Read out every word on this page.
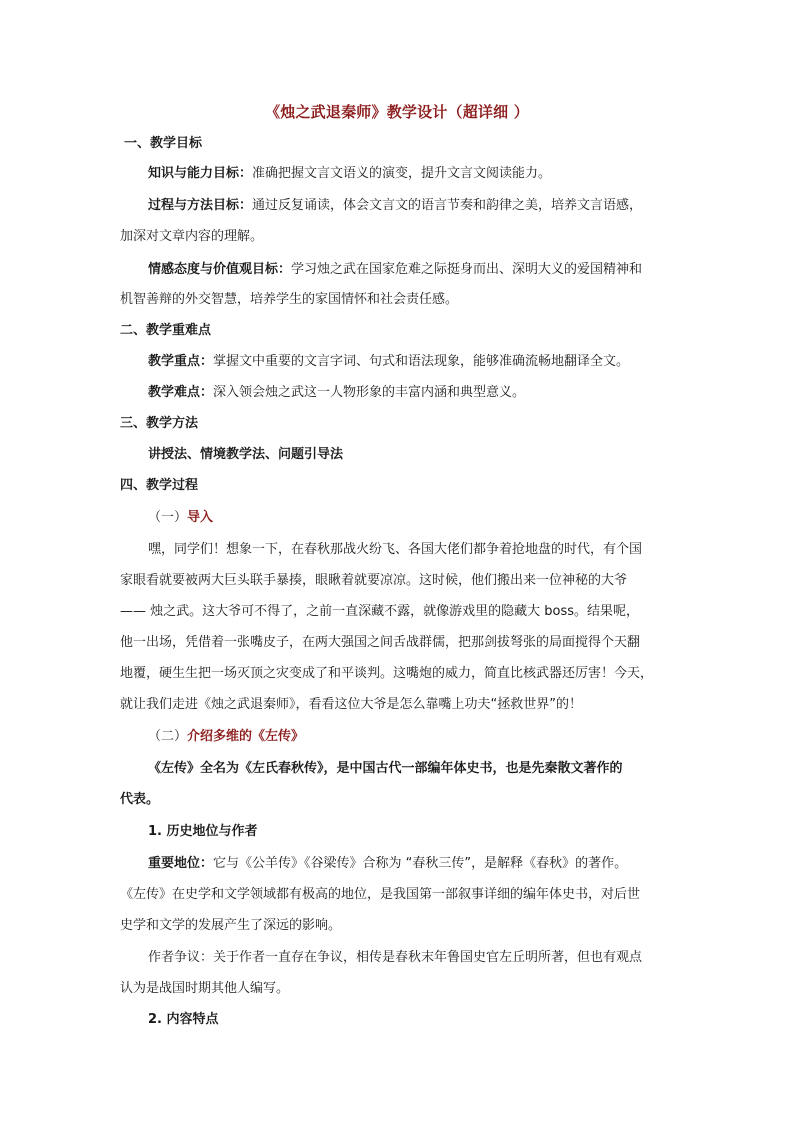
《烛之武退秦师》教学设计（超详细 ）
一、教学目标
知识与能力目标：准确把握文言文语义的演变，提升文言文阅读能力。
过程与方法目标：通过反复诵读，体会文言文的语言节奏和韵律之美，培养文言语感，
加深对文章内容的理解。
情感态度与价值观目标：学习烛之武在国家危难之际挺身而出、深明大义的爱国精神和
机智善辩的外交智慧，培养学生的家国情怀和社会责任感。
二、教学重难点
教学重点：掌握文中重要的文言字词、句式和语法现象，能够准确流畅地翻译全文。
教学难点：深入领会烛之武这一人物形象的丰富内涵和典型意义。
三、教学方法
讲授法、情境教学法、问题引导法
四、教学过程
（一）导入
嘿，同学们！想象一下，在春秋那战火纷飞、各国大佬们都争着抢地盘的时代，有个国
家眼看就要被两大巨头联手暴揍，眼瞅着就要凉凉。这时候，他们搬出来一位神秘的大爷
—— 烛之武。这大爷可不得了，之前一直深藏不露，就像游戏里的隐藏大 boss。结果呢，
他一出场，凭借着一张嘴皮子，在两大强国之间舌战群儒，把那剑拔弩张的局面搅得个天翻
地覆，硬生生把一场灭顶之灾变成了和平谈判。这嘴炮的威力，简直比核武器还厉害！今天，
就让我们走进《烛之武退秦师》，看看这位大爷是怎么靠嘴上功夫“拯救世界”的！
（二）介绍多维的《左传》
《左传》全名为《左氏春秋传》，是中国古代一部编年体史书，也是先秦散文著作的
代表。
1. 历史地位与作者
重要地位：它与《公羊传》《谷梁传》合称为 “春秋三传”，是解释《春秋》的著作。
《左传》在史学和文学领域都有极高的地位，是我国第一部叙事详细的编年体史书，对后世
史学和文学的发展产生了深远的影响。
作者争议：关于作者一直存在争议，相传是春秋末年鲁国史官左丘明所著，但也有观点
认为是战国时期其他人编写。
2. 内容特点
